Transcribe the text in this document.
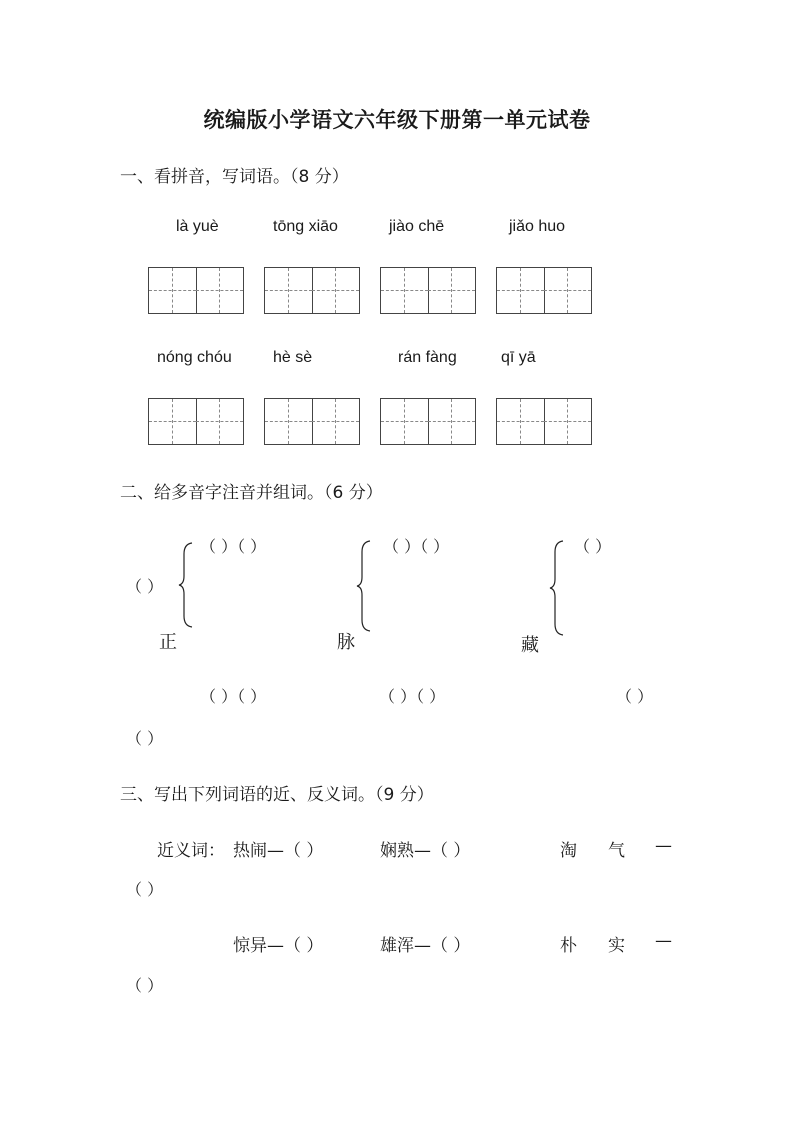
统编版小学语文六年级下册第一单元试卷
一、看拼音，写词语。（8 分）
là yuè	tōng xiāo	jiào chē	jiǎo huo
nóng chóu	hè sè	rán fàng	qī yā
二、给多音字注音并组词。（6 分）
（ ）（ ）	（ ）（ ）	（ ）
（ ）
正	脉	藏
（ ）（ ）	（ ）（ ）	（ ）
（ ）
三、写出下列词语的近、反义词。（9 分）
近义词： 热闹—（ ）	娴熟—（ ）	淘 气 —
（ ）
惊异—（ ）	雄浑—（ ）	朴 实 —
（ ）
